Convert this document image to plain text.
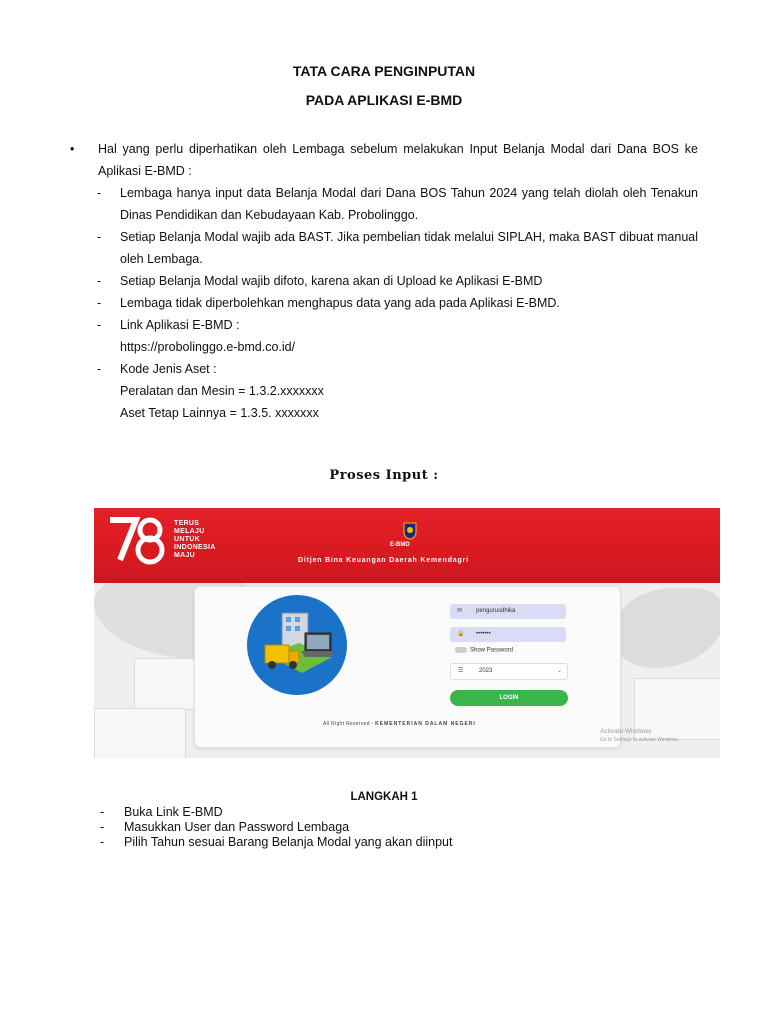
TATA CARA PENGINPUTAN
PADA APLIKASI E-BMD
• Hal yang perlu diperhatikan oleh Lembaga sebelum melakukan Input Belanja Modal dari Dana BOS ke Aplikasi E-BMD :
- Lembaga hanya input data Belanja Modal dari Dana BOS Tahun 2024 yang telah diolah oleh Tenakun Dinas Pendidikan dan Kebudayaan Kab. Probolinggo.
- Setiap Belanja Modal wajib ada BAST. Jika pembelian tidak melalui SIPLAH, maka BAST dibuat manual oleh Lembaga.
- Setiap Belanja Modal wajib difoto, karena akan di Upload ke Aplikasi E-BMD
- Lembaga tidak diperbolehkan menghapus data yang ada pada Aplikasi E-BMD.
- Link Aplikasi E-BMD :
https://probolinggo.e-bmd.co.id/
- Kode Jenis Aset :
Peralatan dan Mesin = 1.3.2.xxxxxxx
Aset Tetap Lainnya = 1.3.5. xxxxxxx
Proses Input :
TERUS
MELAJU
UNTUK
INDONESIA
MAJU
E-BMD
Ditjen Bina Keuangan Daerah Kemendagri
✉ pengurusdhika
🔒 •••••••
Show Password
☰	2023	⌄
LOGIN
All Right Reserved - KEMENTERIAN DALAM NEGERI
Activate Windows
Go to Settings to activate Windows.
LANGKAH 1
- Buka Link E-BMD
- Masukkan User dan Password Lembaga
- Pilih Tahun sesuai Barang Belanja Modal yang akan diinput
